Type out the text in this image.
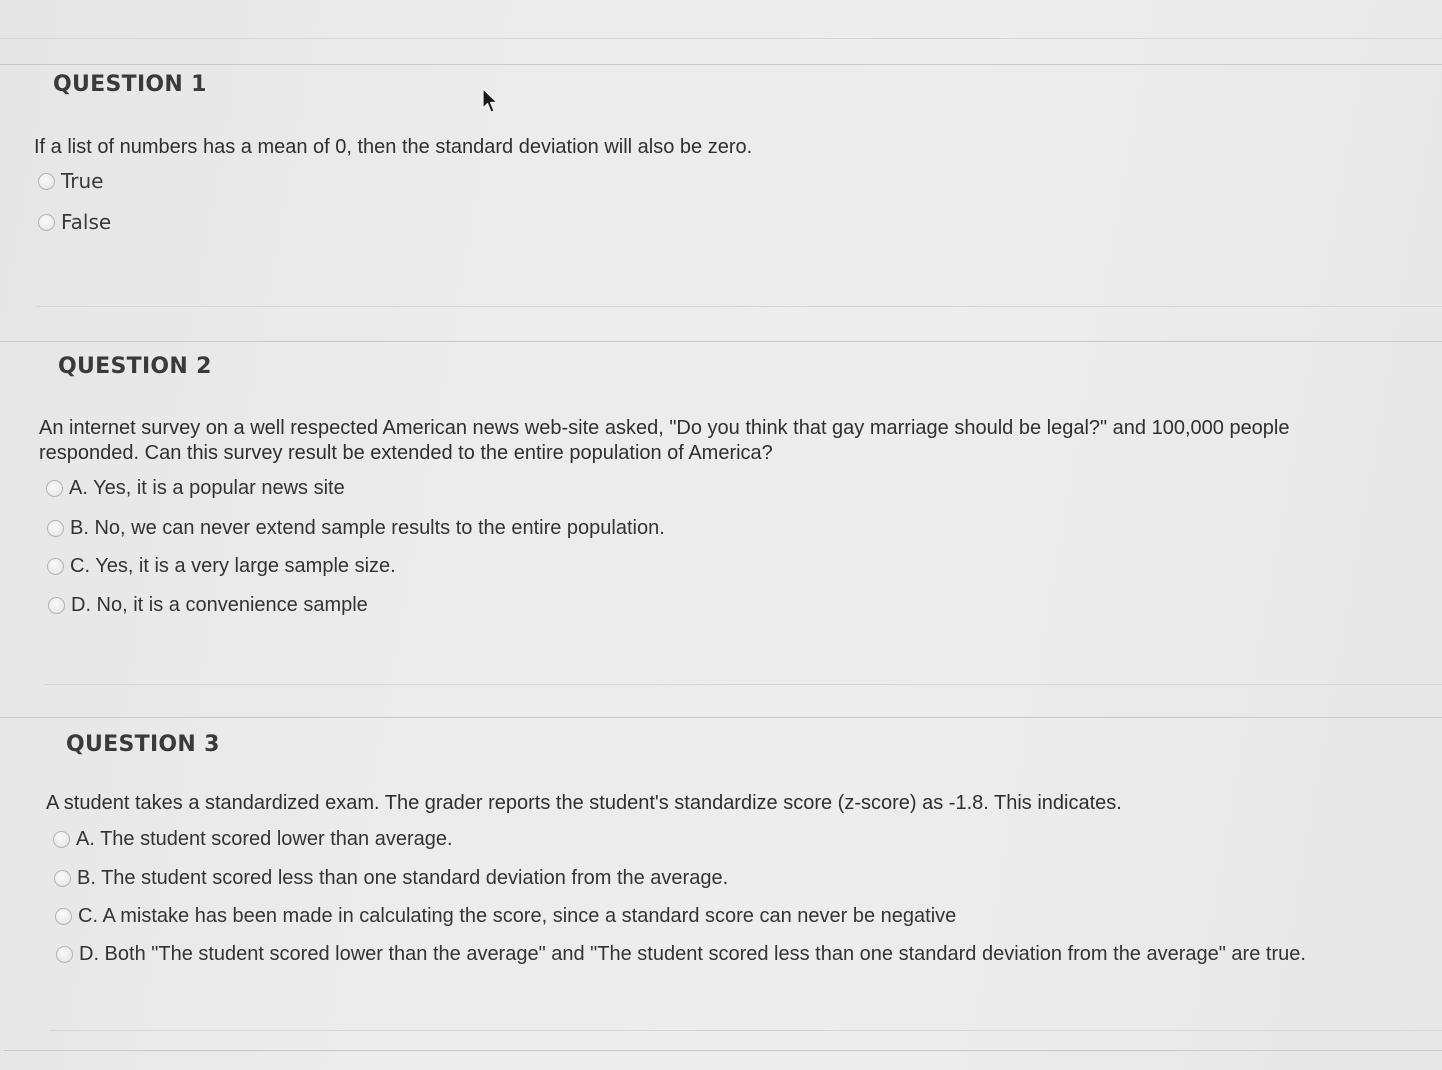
QUESTION 1
If a list of numbers has a mean of 0, then the standard deviation will also be zero.
True
False
QUESTION 2
An internet survey on a well respected American news web-site asked, "Do you think that gay marriage should be legal?" and 100,000 people responded. Can this survey result be extended to the entire population of America?
A. Yes, it is a popular news site
B. No, we can never extend sample results to the entire population.
C. Yes, it is a very large sample size.
D. No, it is a convenience sample
QUESTION 3
A student takes a standardized exam. The grader reports the student's standardize score (z-score) as -1.8. This indicates.
A. The student scored lower than average.
B. The student scored less than one standard deviation from the average.
C. A mistake has been made in calculating the score, since a standard score can never be negative
D. Both "The student scored lower than the average" and "The student scored less than one standard deviation from the average" are true.
